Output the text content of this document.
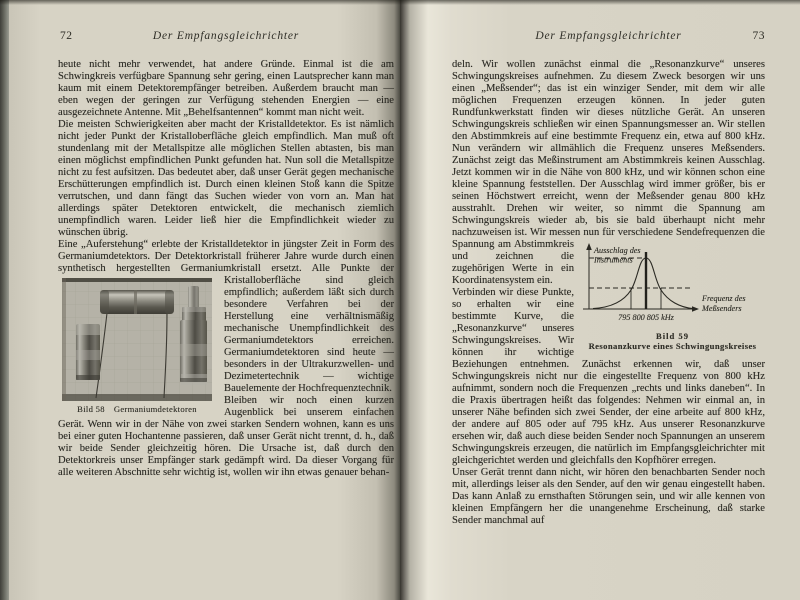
72	Der Empfangsgleichrichter
heute nicht mehr verwendet, hat andere Gründe. Einmal ist die am Schwingkreis verfügbare Spannung sehr gering, einen Lautsprecher kann man kaum mit einem Detektorempfänger betreiben. Außerdem braucht man — eben wegen der geringen zur Verfügung stehenden Energien — eine ausgezeichnete Antenne. Mit „Behelfsantennen“ kommt man nicht weit.
Die meisten Schwierigkeiten aber macht der Kristalldetektor. Es ist nämlich nicht jeder Punkt der Kristalloberfläche gleich empfindlich. Man muß oft stundenlang mit der Metallspitze alle möglichen Stellen abtasten, bis man einen möglichst empfindlichen Punkt gefunden hat. Nun soll die Metallspitze nicht zu fest aufsitzen. Das bedeutet aber, daß unser Gerät gegen mechanische Erschütterungen empfindlich ist. Durch einen kleinen Stoß kann die Spitze verrutschen, und dann fängt das Suchen wieder von vorn an. Man hat allerdings später Detektoren entwickelt, die mechanisch ziemlich unempfindlich waren. Leider ließ hier die Empfindlichkeit wieder zu wünschen übrig.
Eine „Auferstehung“ erlebte der Kristalldetektor in jüngster Zeit in Form des Germaniumdetektors. Der Detektorkristall früherer Jahre wurde durch einen synthetisch hergestellten Germaniumkristall ersetzt. Alle Punkte der Kristalloberfläche sind
Bild 58 Germaniumdetektoren
gleich empfindlich; außerdem läßt sich durch besondere Verfahren bei der Herstellung eine verhältnismäßig mechanische Unempfindlichkeit des Germaniumdetektors erreichen. Germaniumdetektoren sind heute — besonders in der Ultrakurzwellen- und Dezimetertechnik — wichtige Bauelemente der Hochfrequenztechnik.
Bleiben wir noch einen kurzen Augenblick bei unserem einfachen Gerät. Wenn wir in der Nähe von zwei starken Sendern wohnen, kann es uns bei einer guten Hochantenne passieren, daß unser Gerät nicht trennt, d. h., daß wir beide Sender gleichzeitig hören. Die Ursache ist, daß durch den Detektorkreis unser Empfänger stark gedämpft wird. Da dieser Vorgang für alle weiteren Abschnitte sehr wichtig ist, wollen wir ihn etwas genauer behan-
Der Empfangsgleichrichter	73
deln. Wir wollen zunächst einmal die „Resonanzkurve“ unseres Schwingungskreises aufnehmen. Zu diesem Zweck besorgen wir uns einen „Meßsender“; das ist ein winziger Sender, mit dem wir alle möglichen Frequenzen erzeugen können. In jeder guten Rundfunkwerkstatt finden wir dieses nützliche Gerät. An unseren Schwingungskreis schließen wir einen Spannungsmesser an. Wir stellen den Abstimmkreis auf eine bestimmte Frequenz ein, etwa auf 800 kHz. Nun verändern wir allmählich die Frequenz unseres Meßsenders. Zunächst zeigt das Meßinstrument am Abstimmkreis keinen Ausschlag. Jetzt kommen wir in die Nähe von 800 kHz, und wir können schon eine kleine Spannung feststellen. Der Ausschlag wird immer größer, bis er seinen Höchstwert erreicht, wenn der Meßsender genau 800 kHz ausstrahlt. Drehen wir weiter, so nimmt die Spannung am Schwingungskreis wieder ab, bis sie bald überhaupt nicht mehr nachzuweisen ist. Wir messen nun für verschiedene Sendefrequenzen die Spannung am Abstimmkreis
Ausschlag des
Instruments
Frequenz des
Meßsenders
795 800 805 kHz
Bild 59
Resonanzkurve eines Schwingungskreises
und zeichnen die zugehörigen Werte in ein Koordinatensystem ein.
Verbinden wir diese Punkte, so erhalten wir eine bestimmte Kurve, die „Resonanzkurve“ unseres Schwingungskreises. Wir können ihr wichtige Beziehungen entnehmen. Zunächst erkennen wir, daß unser Schwingungskreis nicht nur die eingestellte Frequenz von 800 kHz aufnimmt, sondern noch die Frequenzen „rechts und links daneben“. In die Praxis übertragen heißt das folgendes: Nehmen wir einmal an, in unserer Nähe befinden sich zwei Sender, der eine arbeite auf 800 kHz, der andere auf 805 oder auf 795 kHz. Aus unserer Resonanzkurve ersehen wir, daß auch diese beiden Sender noch Spannungen an unserem Schwingungskreis erzeugen, die natürlich im Empfangsgleichrichter mit gleichgerichtet werden und gleichfalls den Kopfhörer erregen.
Unser Gerät trennt dann nicht, wir hören den benachbarten Sender noch mit, allerdings leiser als den Sender, auf den wir genau eingestellt haben. Das kann Anlaß zu ernsthaften Störungen sein, und wir alle kennen von kleinen Empfängern her die unangenehme Erscheinung, daß starke Sender manchmal auf
